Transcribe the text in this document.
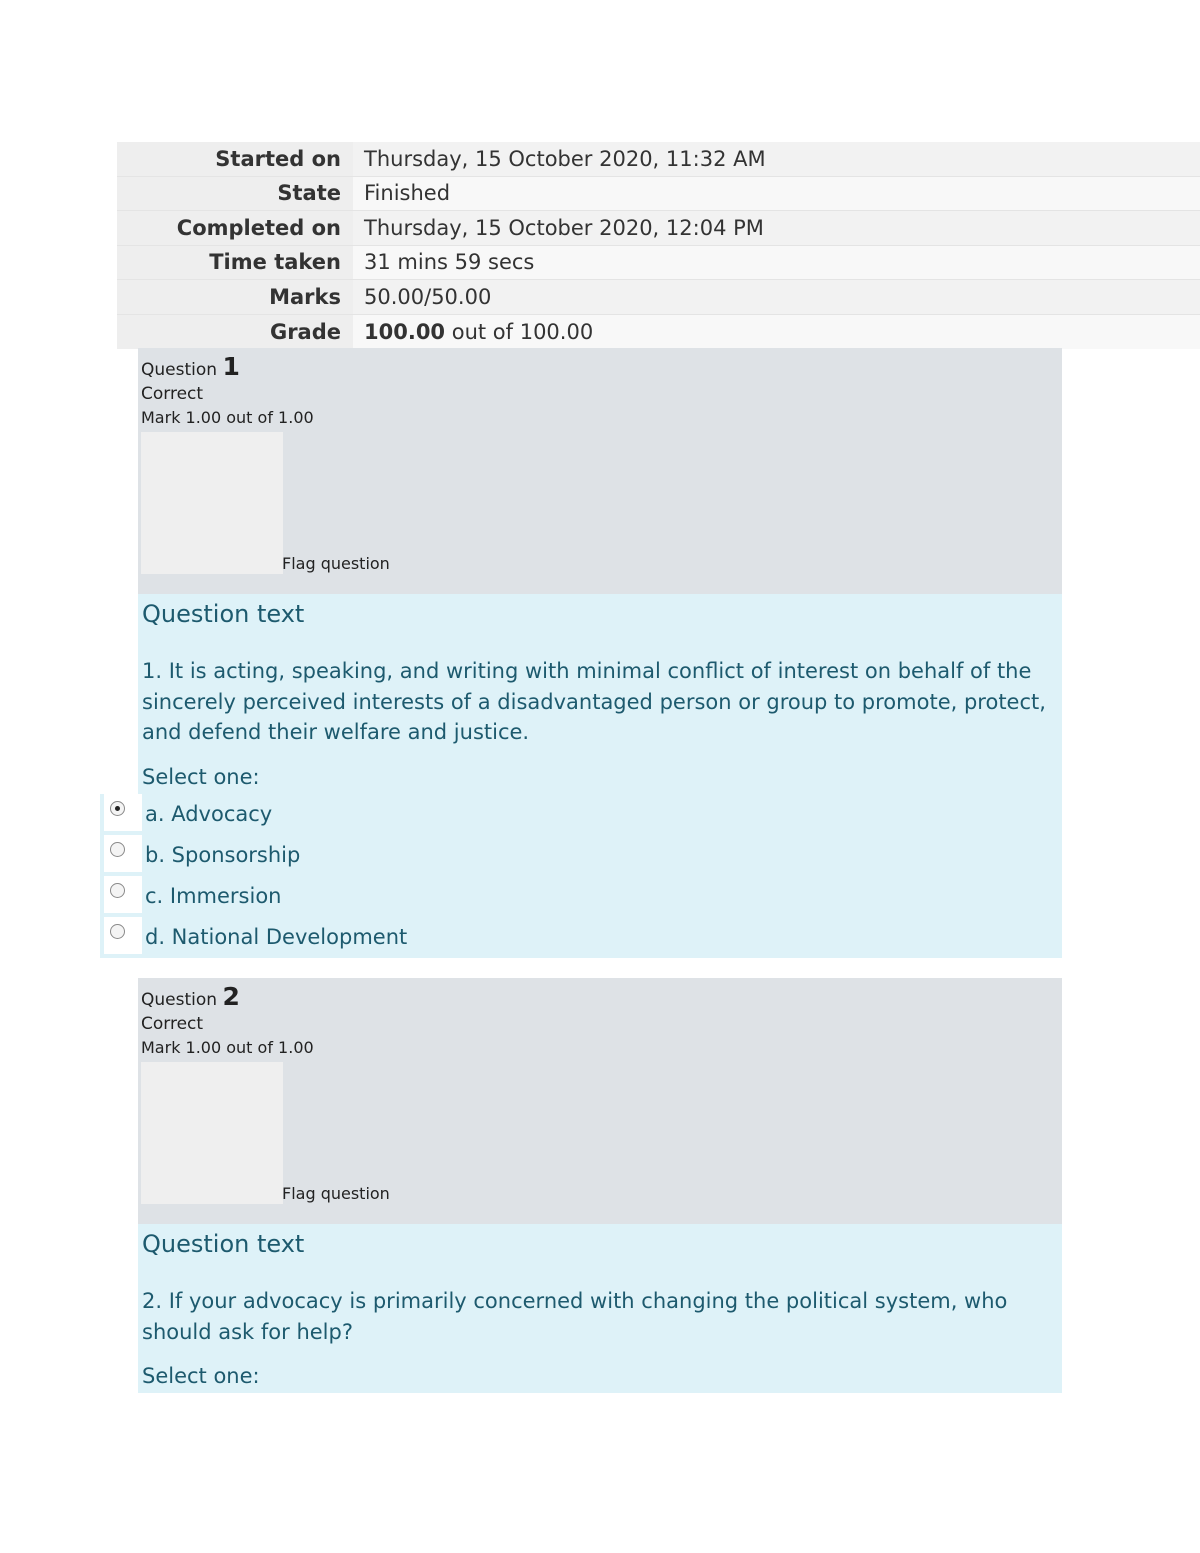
Started on	Thursday, 15 October 2020, 11:32 AM
State	Finished
Completed on	Thursday, 15 October 2020, 12:04 PM
Time taken	31 mins 59 secs
Marks	50.00/50.00
Grade	100.00 out of 100.00
Question 1
Correct
Mark 1.00 out of 1.00
Flag question
Question text
1. It is acting, speaking, and writing with minimal conflict of interest on behalf of the sincerely perceived interests of a disadvantaged person or group to promote, protect, and defend their welfare and justice.
Select one:
a. Advocacy
b. Sponsorship
c. Immersion
d. National Development
Question 2
Correct
Mark 1.00 out of 1.00
Flag question
Question text
2. If your advocacy is primarily concerned with changing the political system, who should ask for help?
Select one:
